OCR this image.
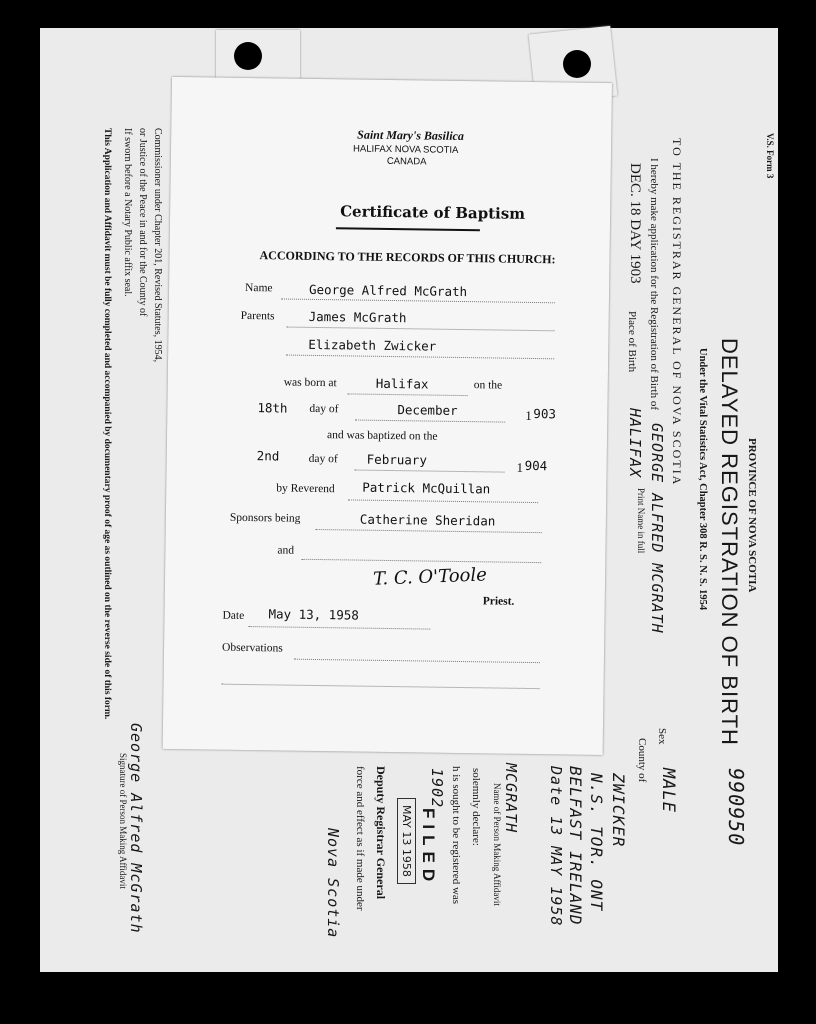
V.S. Form 3
PROVINCE OF NOVA SCOTIA
DELAYED REGISTRATION OF BIRTH
Under the Vital Statistics Act, Chapter 308 R. S. N. S. 1954
TO THE REGISTRAR GENERAL OF NOVA SCOTIA
I hereby make application for the Registration of Birth of
GEORGE ALFRED MCGRATH
Print Name in full
DEC. 18 DAY 1903
Place of Birth
HALIFAX
Sex
MALE
County of
ZWICKER
N.S. TOR. ONT
BELFAST IRELAND
Date 13 MAY 1958
MCGRATH
Name of Person Making Affidavit
solemnly declare:
h is sought to be registered was
1902
FILED
MAY 13 1958
Deputy Registrar General
force and effect as if made under
Nova Scotia
George Alfred McGrath
Signature of Person Making Affidavit
This Application and Affidavit must be fully completed and accompanied by documentary proof of age as outlined on the reverse side of this form. If sworn before a Notary Public affix seal. or Justice of the Peace in and for the County of Commissioner under Chapter 201, Revised Statutes, 1954,
990950
Saint Mary's Basilica
HALIFAX NOVA SCOTIA
CANADA
Certificate of Baptism
ACCORDING TO THE RECORDS OF THIS CHURCH:
Name	George Alfred McGrath
Parents	James McGrath
Elizabeth Zwicker
was born at	Halifax	on the
18th day of	December	1 903
and was baptized on the
2nd	day of February	1 904
by Reverend Patrick McQuillan
Sponsors being	Catherine Sheridan
and
T. C. O'Toole
Priest.
Date May 13, 1958
Observations
